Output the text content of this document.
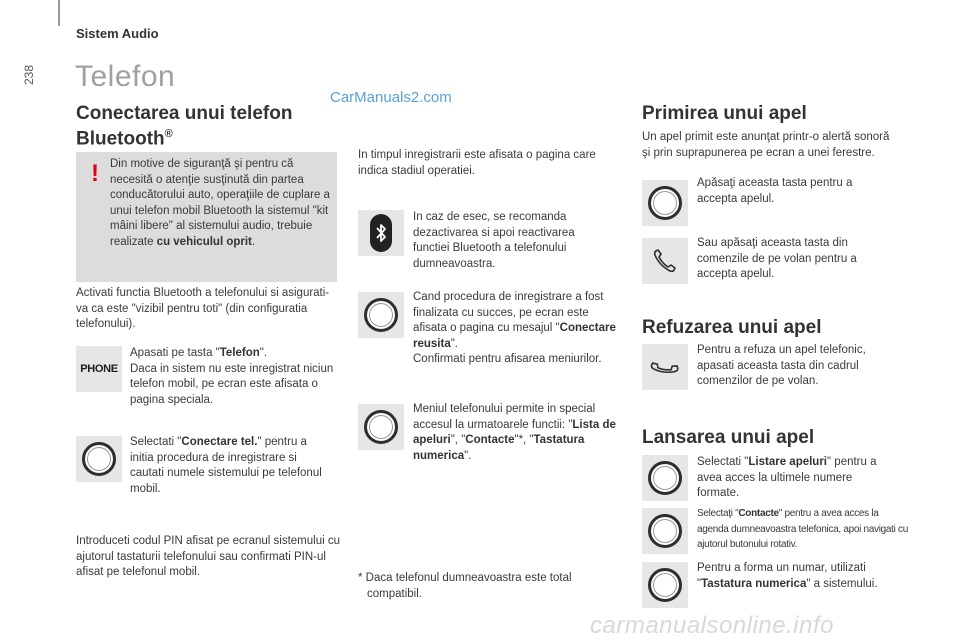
238
Sistem Audio
Telefon
CarManuals2.com
Conectarea unui telefon
Bluetooth®
! Din motive de siguranţă şi pentru că necesită o atenţie susţinută din partea conducătorului auto, operaţiile de cuplare a unui telefon mobil Bluetooth la sistemul "kit mâini libere" al sistemului audio, trebuie realizate cu vehiculul oprit.
Activati functia Bluetooth a telefonului si asigurati-va ca este "vizibil pentru toti" (din configuratia telefonului).
PHONE
Apasati pe tasta "Telefon".
Daca in sistem nu este inregistrat niciun telefon mobil, pe ecran este afisata o pagina speciala.
Selectati "Conectare tel." pentru a initia procedura de inregistrare si cautati numele sistemului pe telefonul mobil.
Introduceti codul PIN afisat pe ecranul sistemului cu ajutorul tastaturii telefonului sau confirmati PIN-ul afisat pe telefonul mobil.
In timpul inregistrarii este afisata o pagina care indica stadiul operatiei.
In caz de esec, se recomanda dezactivarea si apoi reactivarea functiei Bluetooth a telefonului dumneavoastra.
Cand procedura de inregistrare a fost finalizata cu succes, pe ecran este afisata o pagina cu mesajul "Conectare reusita".
Confirmati pentru afisarea meniurilor.
Meniul telefonului permite in special accesul la urmatoarele functii: "Lista de apeluri", "Contacte"*, "Tastatura numerica".
* Daca telefonul dumneavoastra este total compatibil.
Primirea unui apel
Un apel primit este anunţat printr-o alertă sonoră şi prin suprapunerea pe ecran a unei ferestre.
Apăsaţi aceasta tasta pentru a accepta apelul.
Sau apăsaţi aceasta tasta din comenzile de pe volan pentru a accepta apelul.
Refuzarea unui apel
Pentru a refuza un apel telefonic, apasati aceasta tasta din cadrul comenzilor de pe volan.
Lansarea unui apel
Selectati "Listare apeluri" pentru a avea acces la ultimele numere formate.
Selectaţi "Contacte" pentru a avea acces la agenda dumneavoastra telefonica, apoi navigati cu ajutorul butonului rotativ.
Pentru a forma un numar, utilizati "Tastatura numerica" a sistemului.
carmanualsonline.info
